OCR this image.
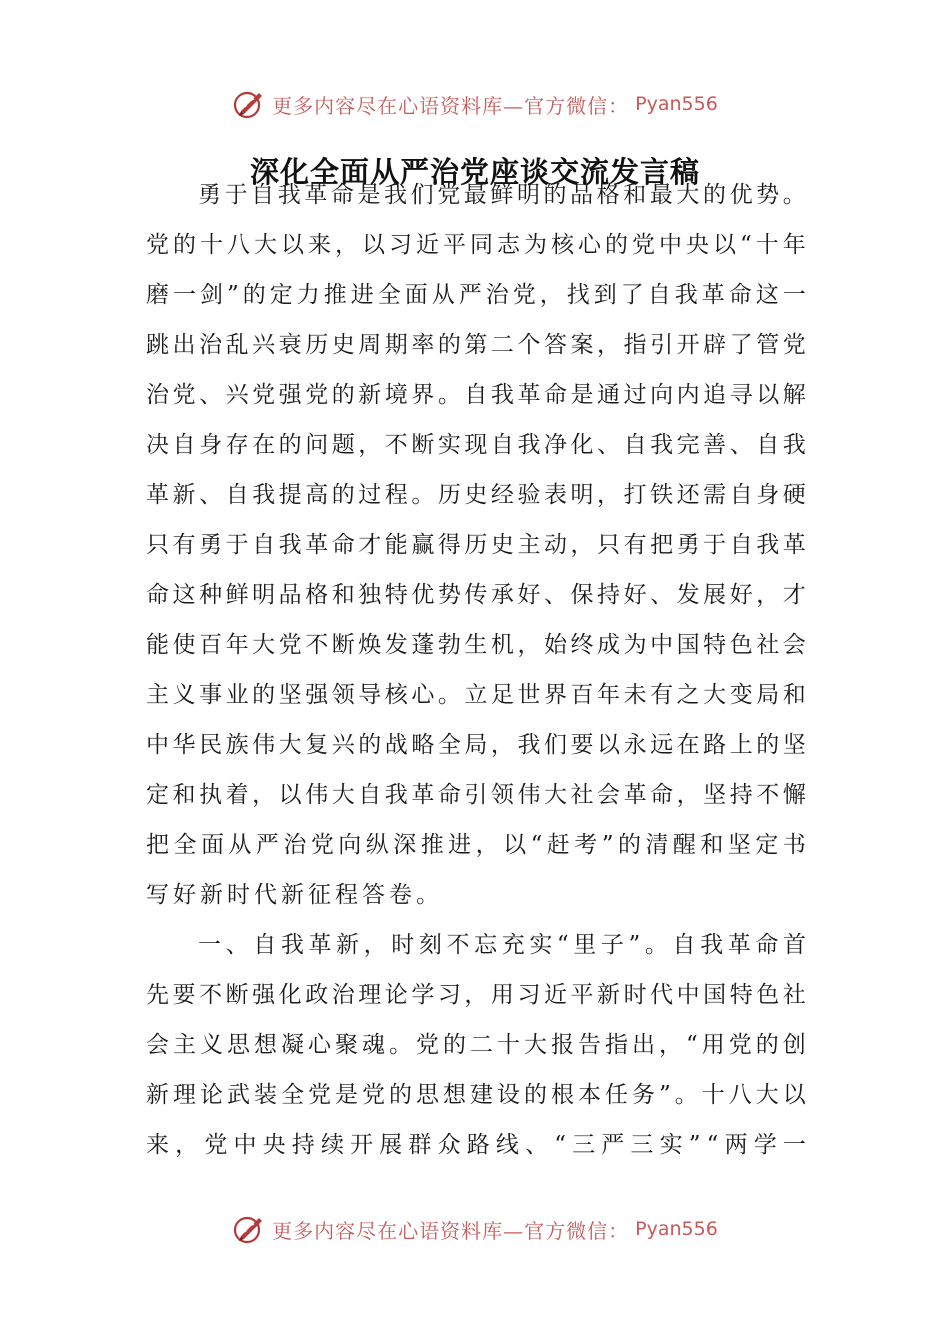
更多内容尽在心语资料库—官方微信： Pyan556
深化全面从严治党座谈交流发言稿
勇 于 自 我 革 命 是 我 们 党 最 鲜 明 的 品 格 和 最 大 的 优 势 。
党 的 十 八 大 以 来 ， 以 习 近 平 同 志 为 核 心 的 党 中 央 以 “ 十 年
磨 一 剑 ” 的 定 力 推 进 全 面 从 严 治 党 ， 找 到 了 自 我 革 命 这 一
跳 出 治 乱 兴 衰 历 史 周 期 率 的 第 二 个 答 案 ， 指 引 开 辟 了 管 党
治 党 、 兴 党 强 党 的 新 境 界 。 自 我 革 命 是 通 过 向 内 追 寻 以 解
决 自 身 存 在 的 问 题 ， 不 断 实 现 自 我 净 化 、 自 我 完 善 、 自 我
革 新 、 自 我 提 高 的 过 程 。 历 史 经 验 表 明 ， 打 铁 还 需 自 身 硬
只 有 勇 于 自 我 革 命 才 能 赢 得 历 史 主 动 ， 只 有 把 勇 于 自 我 革
命 这 种 鲜 明 品 格 和 独 特 优 势 传 承 好 、 保 持 好 、 发 展 好 ， 才
能 使 百 年 大 党 不 断 焕 发 蓬 勃 生 机 ， 始 终 成 为 中 国 特 色 社 会
主 义 事 业 的 坚 强 领 导 核 心 。 立 足 世 界 百 年 未 有 之 大 变 局 和
中 华 民 族 伟 大 复 兴 的 战 略 全 局 ， 我 们 要 以 永 远 在 路 上 的 坚
定 和 执 着 ， 以 伟 大 自 我 革 命 引 领 伟 大 社 会 革 命 ， 坚 持 不 懈
把 全 面 从 严 治 党 向 纵 深 推 进 ， 以 “ 赶 考 ” 的 清 醒 和 坚 定 书
写好新时代新征程答卷。
一 、 自 我 革 新 ， 时 刻 不 忘 充 实 “ 里 子 ” 。 自 我 革 命 首
先 要 不 断 强 化 政 治 理 论 学 习 ， 用 习 近 平 新 时 代 中 国 特 色 社
会 主 义 思 想 凝 心 聚 魂 。 党 的 二 十 大 报 告 指 出 ， “ 用 党 的 创
新 理 论 武 装 全 党 是 党 的 思 想 建 设 的 根 本 任 务 ” 。 十 八 大 以
来 ， 党 中 央 持 续 开 展 群 众 路 线 、 “ 三 严 三 实 ” “ 两 学 一
更多内容尽在心语资料库—官方微信： Pyan556
